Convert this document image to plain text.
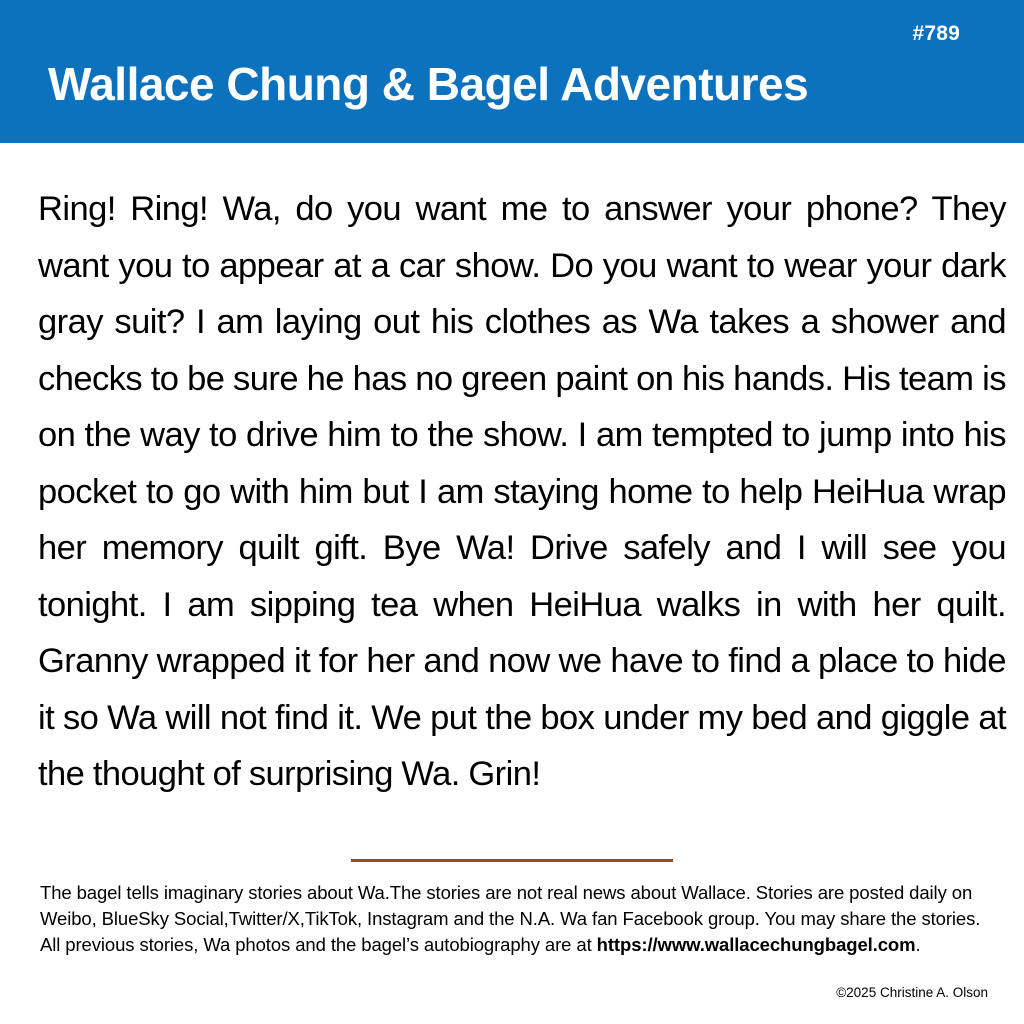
#789
Wallace Chung & Bagel Adventures
Ring! Ring! Wa, do you want me to answer your phone? They want you to appear at a car show. Do you want to wear your dark gray suit? I am laying out his clothes as Wa takes a shower and checks to be sure he has no green paint on his hands. His team is on the way to drive him to the show. I am tempted to jump into his pocket to go with him but I am staying home to help HeiHua wrap her memory quilt gift. Bye Wa! Drive safely and I will see you tonight. I am sipping tea when HeiHua walks in with her quilt. Granny wrapped it for her and now we have to find a place to hide it so Wa will not find it. We put the box under my bed and giggle at the thought of surprising Wa. Grin!
The bagel tells imaginary stories about Wa.The stories are not real news about Wallace. Stories are posted daily on Weibo, BlueSky Social,Twitter/X,TikTok, Instagram and the N.A. Wa fan Facebook group. You may share the stories. All previous stories, Wa photos and the bagel’s autobiography are at https://www.wallacechungbagel.com.
©2025 Christine A. Olson
